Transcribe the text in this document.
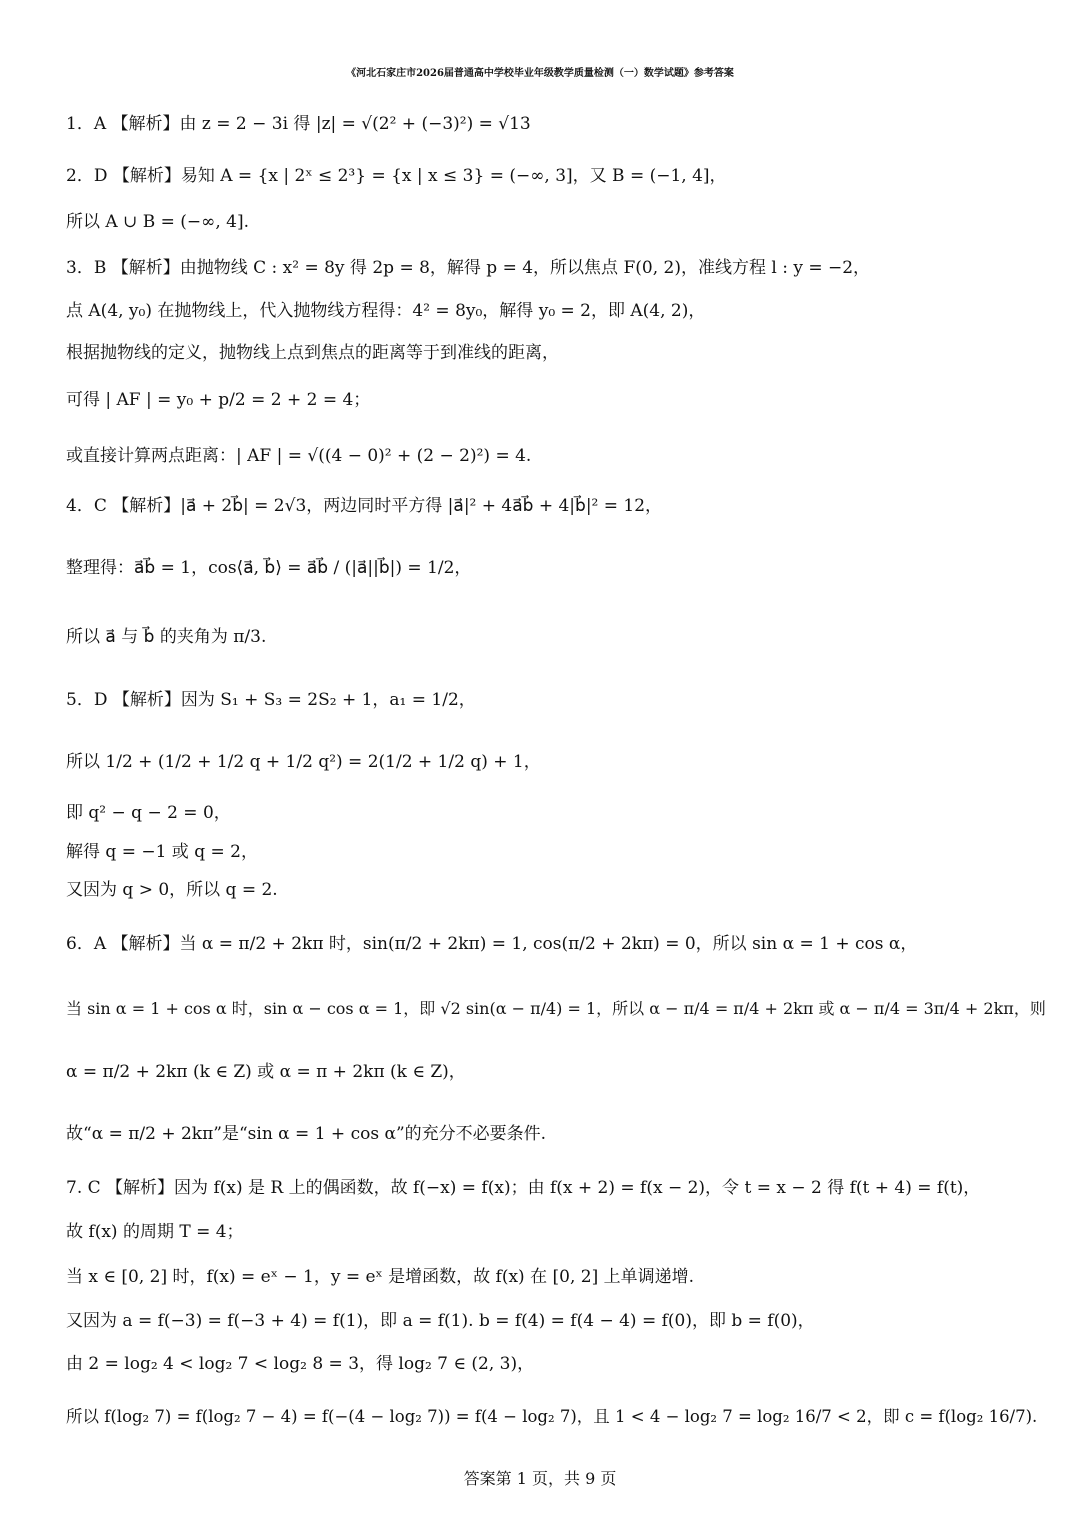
《河北石家庄市2026届普通高中学校毕业年级教学质量检测（一）数学试题》参考答案
1．A 【解析】由 z = 2 − 3i 得 |z| = √(2² + (−3)²) = √13
2．D 【解析】易知 A = {x | 2ˣ ≤ 2³} = {x | x ≤ 3} = (−∞, 3]，又 B = (−1, 4]，
所以 A ∪ B = (−∞, 4].
3．B 【解析】由抛物线 C : x² = 8y 得 2p = 8，解得 p = 4，所以焦点 F(0, 2)，准线方程 l : y = −2，
点 A(4, y₀) 在抛物线上，代入抛物线方程得：4² = 8y₀，解得 y₀ = 2，即 A(4, 2)，
根据抛物线的定义，抛物线上点到焦点的距离等于到准线的距离，
可得 | AF | = y₀ + p/2 = 2 + 2 = 4；
或直接计算两点距离：| AF | = √((4 − 0)² + (2 − 2)²) = 4.
4．C 【解析】|a⃗ + 2b⃗| = 2√3，两边同时平方得 |a⃗|² + 4a⃗b⃗ + 4|b⃗|² = 12，
整理得：a⃗b⃗ = 1，cos⟨a⃗, b⃗⟩ = a⃗b⃗ / (|a⃗||b⃗|) = 1/2，
所以 a⃗ 与 b⃗ 的夹角为 π/3.
5．D 【解析】因为 S₁ + S₃ = 2S₂ + 1，a₁ = 1/2，
所以 1/2 + (1/2 + 1/2 q + 1/2 q²) = 2(1/2 + 1/2 q) + 1，
即 q² − q − 2 = 0，
解得 q = −1 或 q = 2，
又因为 q > 0，所以 q = 2.
6．A 【解析】当 α = π/2 + 2kπ 时，sin(π/2 + 2kπ) = 1, cos(π/2 + 2kπ) = 0，所以 sin α = 1 + cos α，
当 sin α = 1 + cos α 时，sin α − cos α = 1，即 √2 sin(α − π/4) = 1，所以 α − π/4 = π/4 + 2kπ 或 α − π/4 = 3π/4 + 2kπ，则
α = π/2 + 2kπ (k ∈ Z) 或 α = π + 2kπ (k ∈ Z)，
故“α = π/2 + 2kπ”是“sin α = 1 + cos α”的充分不必要条件.
7. C 【解析】因为 f(x) 是 R 上的偶函数，故 f(−x) = f(x)；由 f(x + 2) = f(x − 2)，令 t = x − 2 得 f(t + 4) = f(t)，
故 f(x) 的周期 T = 4；
当 x ∈ [0, 2] 时，f(x) = eˣ − 1，y = eˣ 是增函数，故 f(x) 在 [0, 2] 上单调递增.
又因为 a = f(−3) = f(−3 + 4) = f(1)，即 a = f(1). b = f(4) = f(4 − 4) = f(0)，即 b = f(0)，
由 2 = log₂ 4 < log₂ 7 < log₂ 8 = 3，得 log₂ 7 ∈ (2, 3)，
所以 f(log₂ 7) = f(log₂ 7 − 4) = f(−(4 − log₂ 7)) = f(4 − log₂ 7)，且 1 < 4 − log₂ 7 = log₂ 16/7 < 2，即 c = f(log₂ 16/7).
答案第 1 页，共 9 页
